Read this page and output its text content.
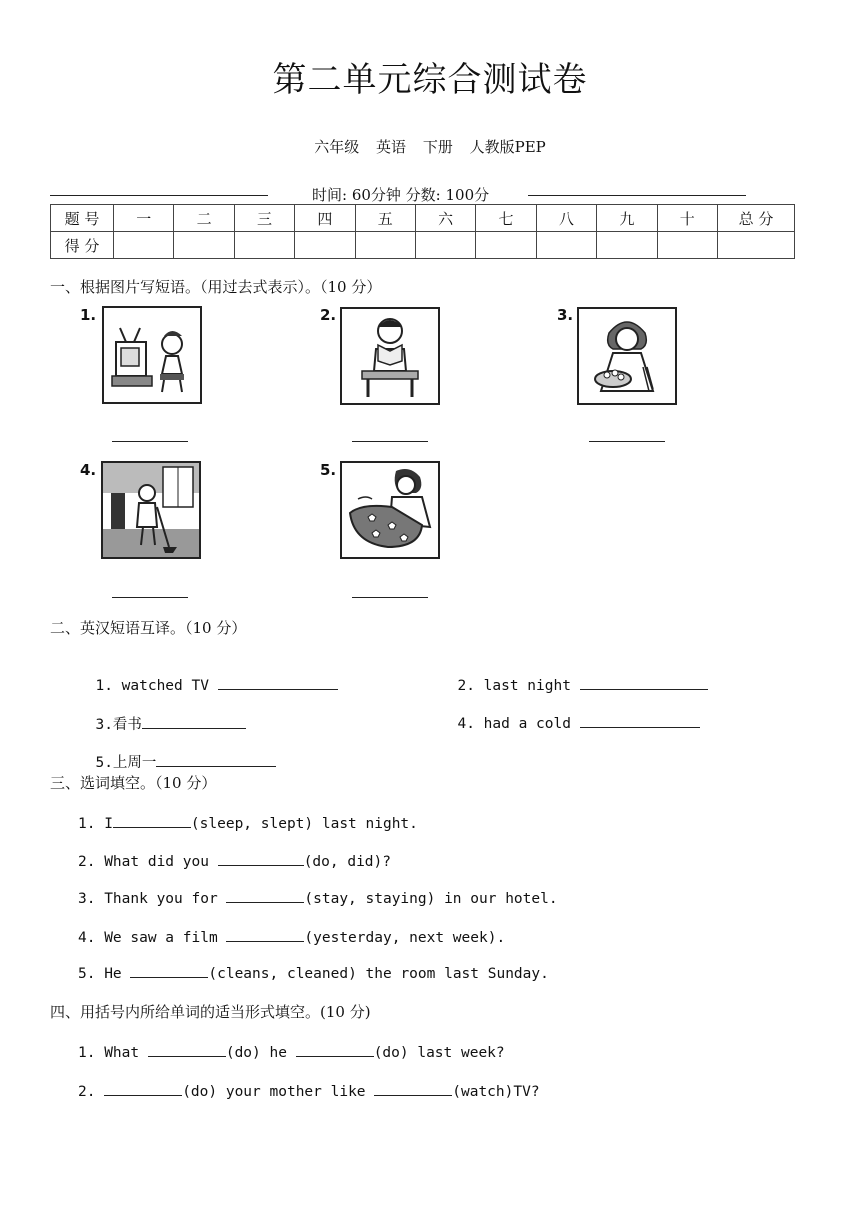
第二单元综合测试卷
六年级 英语 下册 人教版PEP
时间: 60分钟 分数: 100分
题 号	一	二	三	四	五	六	七	八	九	十	总 分
得 分											
一、根据图片写短语。（用过去式表示）。（10 分）
1.	2.	3.
4.	5.
二、英汉短语互译。（10 分）

1. watched TV	2. last night

3.看书	4. had a cold

5.上周一

三、选词填空。（10 分）
1. I	(sleep, slept) last night.
2. What did you	(do, did)?
3. Thank you for	(stay, staying) in our hotel.
4. We saw a film	(yesterday, next week).
5. He	(cleans, cleaned) the room last Sunday.
四、用括号内所给单词的适当形式填空。(10 分)
1. What	(do) he	(do) last week?
2.	(do) your mother like	(watch)TV?
